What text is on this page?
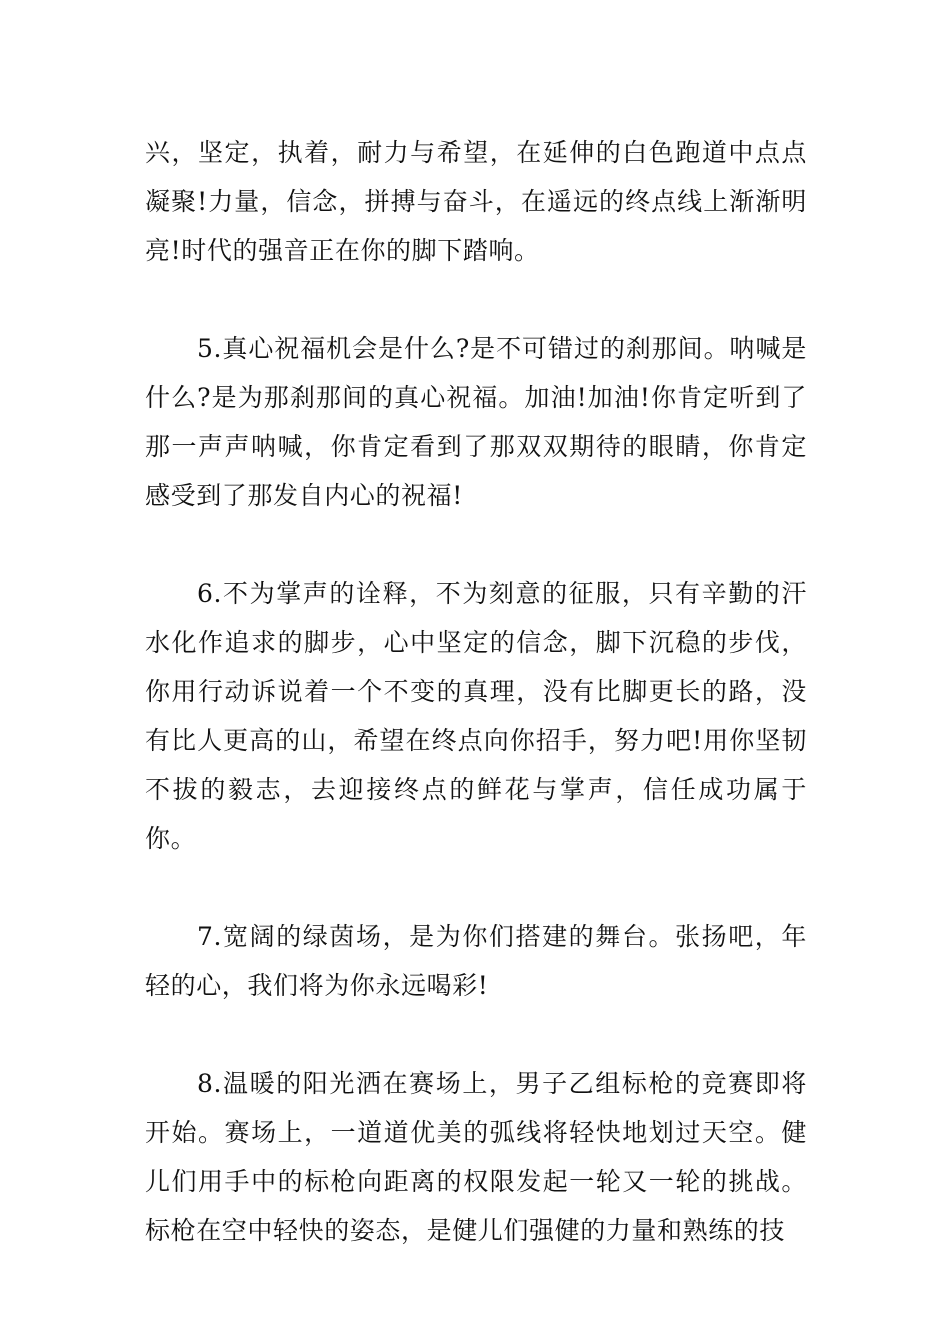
兴，坚定，执着，耐力与希望，在延伸的白色跑道中点点凝聚!力量，信念，拼搏与奋斗，在遥远的终点线上渐渐明亮!时代的强音正在你的脚下踏响。

5.真心祝福机会是什么?是不可错过的刹那间。呐喊是什么?是为那刹那间的真心祝福。加油!加油!你肯定听到了那一声声呐喊，你肯定看到了那双双期待的眼睛，你肯定感受到了那发自内心的祝福!

6.不为掌声的诠释，不为刻意的征服，只有辛勤的汗水化作追求的脚步，心中坚定的信念，脚下沉稳的步伐，你用行动诉说着一个不变的真理，没有比脚更长的路，没有比人更高的山，希望在终点向你招手，努力吧!用你坚韧不拔的毅志，去迎接终点的鲜花与掌声，信任成功属于你。

7.宽阔的绿茵场，是为你们搭建的舞台。张扬吧，年轻的心，我们将为你永远喝彩!

8.温暖的阳光洒在赛场上，男子乙组标枪的竞赛即将开始。赛场上，一道道优美的弧线将轻快地划过天空。健儿们用手中的标枪向距离的权限发起一轮又一轮的挑战。标枪在空中轻快的姿态，是健儿们强健的力量和熟练的技
